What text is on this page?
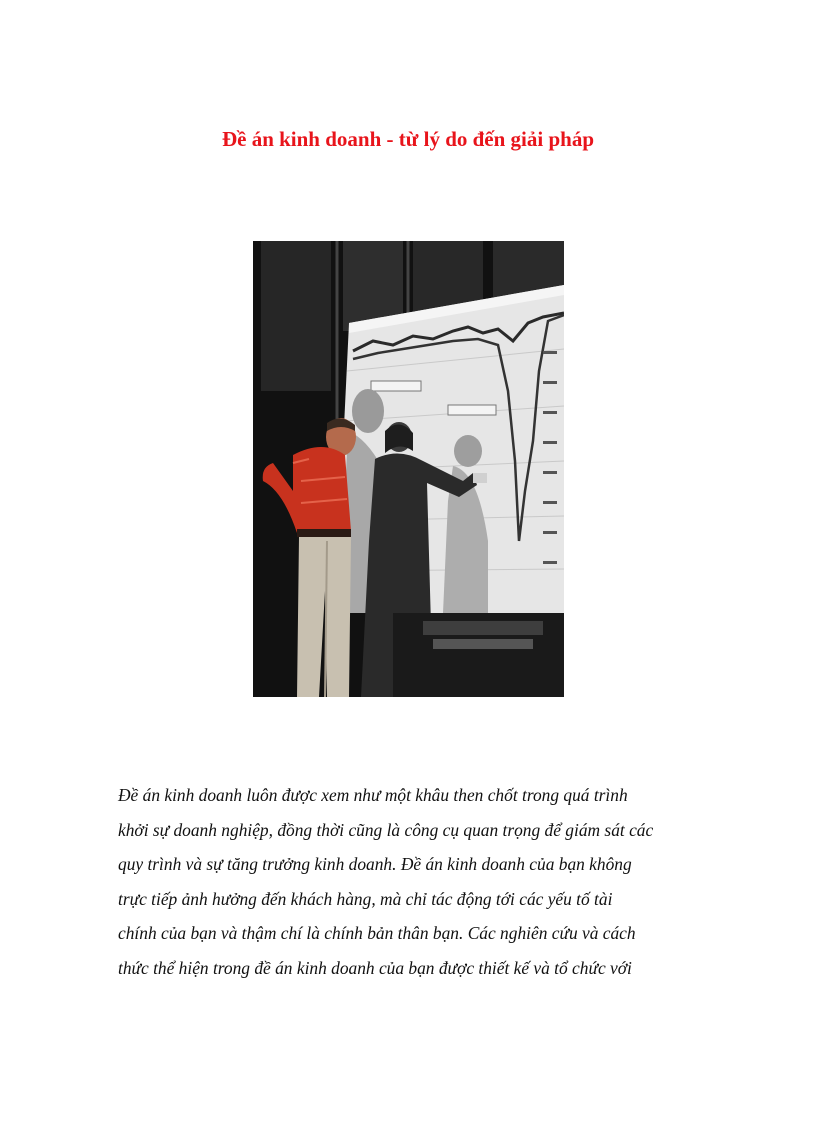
Đề án kinh doanh - từ lý do đến giải pháp

Đề án kinh doanh luôn được xem như một khâu then chốt trong quá trình
khởi sự doanh nghiệp, đồng thời cũng là công cụ quan trọng để giám sát các
quy trình và sự tăng trưởng kinh doanh. Đề án kinh doanh của bạn không
trực tiếp ảnh hưởng đến khách hàng, mà chỉ tác động tới các yếu tố tài
chính của bạn và thậm chí là chính bản thân bạn. Các nghiên cứu và cách
thức thể hiện trong đề án kinh doanh của bạn được thiết kế và tổ chức với
